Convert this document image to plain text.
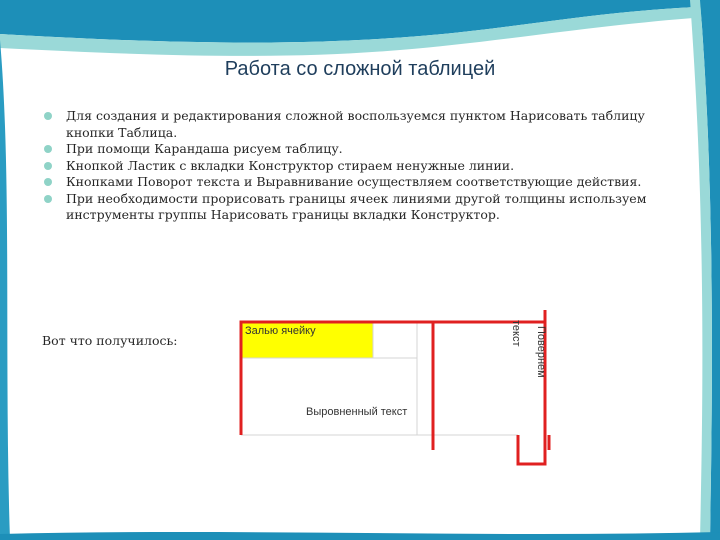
Работа со сложной таблицей
Для создания и редактирования сложной воспользуемся пунктом Нарисовать таблицу кнопки Таблица.
При помощи Карандаша рисуем таблицу.
Кнопкой Ластик с вкладки Конструктор стираем ненужные линии.
Кнопками Поворот текста и Выравнивание осуществляем соответствующие действия.
При необходимости прорисовать границы ячеек линиями другой толщины используем инструменты группы Нарисовать границы вкладки Конструктор.
Вот что получилось:
Залью ячейку
Выровненный текст
Повернем
текст
